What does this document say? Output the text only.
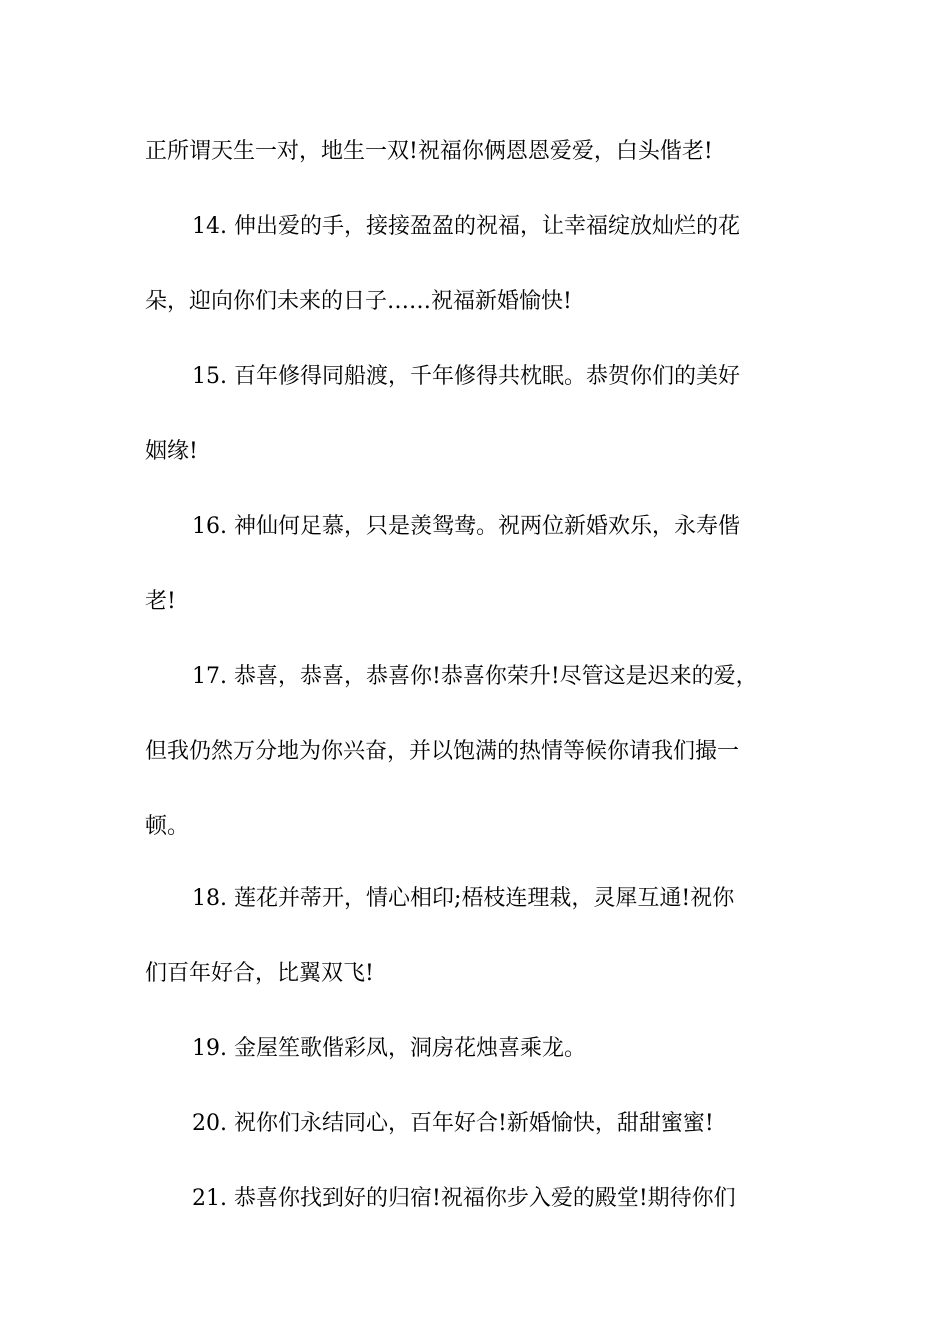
正所谓天生一对，地生一双!祝福你俩恩恩爱爱，白头偕老!
14. 伸出爱的手，接接盈盈的祝福，让幸福绽放灿烂的花
朵，迎向你们未来的日子……祝福新婚愉快!
15. 百年修得同船渡，千年修得共枕眠。恭贺你们的美好
姻缘!
16. 神仙何足慕，只是羡鸳鸯。祝两位新婚欢乐，永寿偕
老!
17. 恭喜，恭喜，恭喜你!恭喜你荣升!尽管这是迟来的爱，
但我仍然万分地为你兴奋，并以饱满的热情等候你请我们撮一
顿。
18. 莲花并蒂开，情心相印;梧枝连理栽，灵犀互通!祝你
们百年好合，比翼双飞!
19. 金屋笙歌偕彩凤，洞房花烛喜乘龙。
20. 祝你们永结同心，百年好合!新婚愉快，甜甜蜜蜜!
21. 恭喜你找到好的归宿!祝福你步入爱的殿堂!期待你们
